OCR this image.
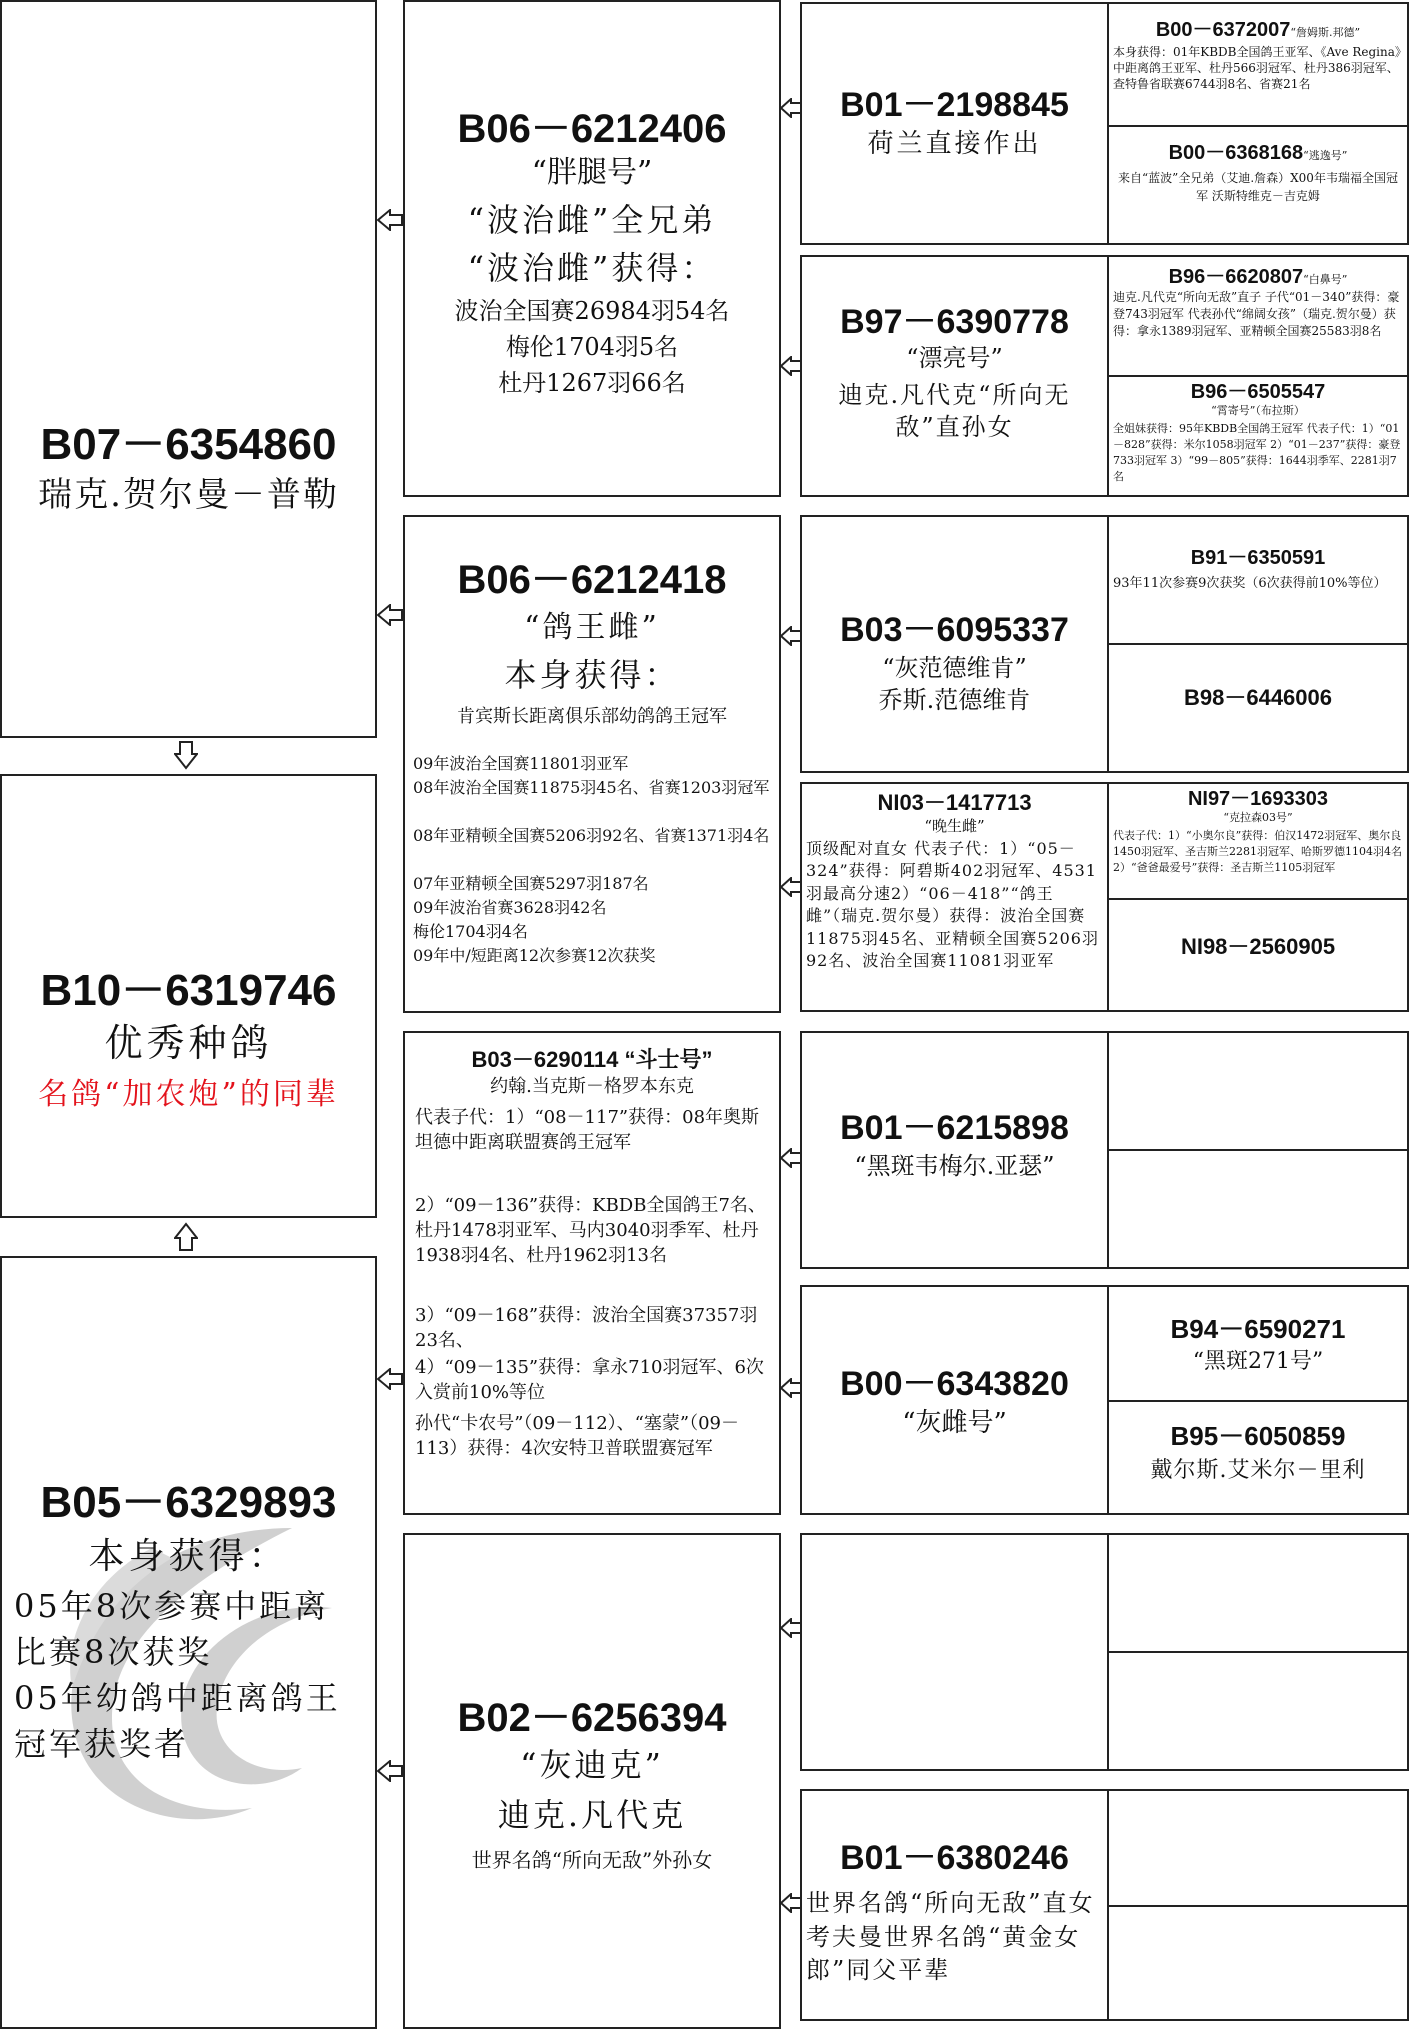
B07－6354860
瑞克.贺尔曼－普勒
B10－6319746
优秀种鸽
名鸽“加农炮”的同辈
B05－6329893
本身获得：
05年8次参赛中距离
比赛8次获奖
05年幼鸽中距离鸽王
冠军获奖者
B06－6212406
“胖腿号”
“波治雌”全兄弟
“波治雌”获得：
波治全国赛26984羽54名
梅伦1704羽5名
杜丹1267羽66名
B06－6212418
“鸽王雌”
本身获得：
肯宾斯长距离俱乐部幼鸽鸽王冠军
09年波治全国赛11801羽亚军
08年波治全国赛11875羽45名、省赛1203羽冠军
08年亚精顿全国赛5206羽92名、省赛1371羽4名
07年亚精顿全国赛5297羽187名
09年波治省赛3628羽42名
梅伦1704羽4名
09年中/短距离12次参赛12次获奖
B03－6290114 “斗士号”
约翰.当克斯－格罗本东克
代表子代：1）“08－117”获得：08年奥斯坦德中距离联盟赛鸽王冠军
2）“09－136”获得：KBDB全国鸽王7名、杜丹1478羽亚军、马内3040羽季军、杜丹1938羽4名、杜丹1962羽13名
3）“09－168”获得：波治全国赛37357羽23名、
4）“09－135”获得：拿永710羽冠军、6次入赏前10%等位
孙代“卡农号”（09－112）、“塞蒙”（09－113）获得：4次安特卫普联盟赛冠军
B02－6256394
“灰迪克”
迪克.凡代克
世界名鸽“所向无敌”外孙女
B01－2198845
荷兰直接作出
B97－6390778
“漂亮号”
迪克.凡代克“所向无敌”直孙女
B03－6095337
“灰范德维肯”
乔斯.范德维肯
NI03－1417713
“晚生雌”
顶级配对直女 代表子代：1）“05－324”获得：阿碧斯402羽冠军、4531羽最高分速2）“06－418”“鸽王雌”（瑞克.贺尔曼）获得：波治全国赛11875羽45名、亚精顿全国赛5206羽92名、波治全国赛11081羽亚军
B01－6215898
“黑斑韦梅尔.亚瑟”
B00－6343820
“灰雌号”
B01－6380246
世界名鸽“所向无敌”直女 考夫曼世界名鸽“黄金女郎”同父平辈
B00－6372007“詹姆斯.邦德”
本身获得：01年KBDB全国鸽王亚军、《Ave Regina》中距离鸽王亚军、杜丹566羽冠军、杜丹386羽冠军、查特鲁省联赛6744羽8名、省赛21名
B00－6368168“逃逸号”
来自“蓝波”全兄弟（艾迪.詹森）X00年韦瑞福全国冠军 沃斯特维克－吉克姆
B96－6620807“白鼻号”
迪克.凡代克“所向无敌”直子 子代“01－340”获得：豪登743羽冠军 代表孙代“绵阔女孩”（瑞克.贺尔曼）获得：拿永1389羽冠军、亚精顿全国赛25583羽8名
B96－6505547
“霄寄号”（布拉斯）
全姐妹获得：95年KBDB全国鸽王冠军 代表子代：1）“01－828”获得：米尔1058羽冠军 2）“01－237”获得：豪登733羽冠军 3）“99－805”获得：1644羽季军、2281羽7名
B91－6350591
93年11次参赛9次获奖（6次获得前10%等位）
B98－6446006
NI97－1693303
“克拉森03号”
代表子代：1）“小奥尔良”获得：伯汉1472羽冠军、奥尔良1450羽冠军、圣吉斯兰2281羽冠军、哈斯罗德1104羽4名 2）“爸爸最爱号”获得：圣吉斯兰1105羽冠军
NI98－2560905
B94－6590271
“黑斑271号”
B95－6050859
戴尔斯.艾米尔－里利
